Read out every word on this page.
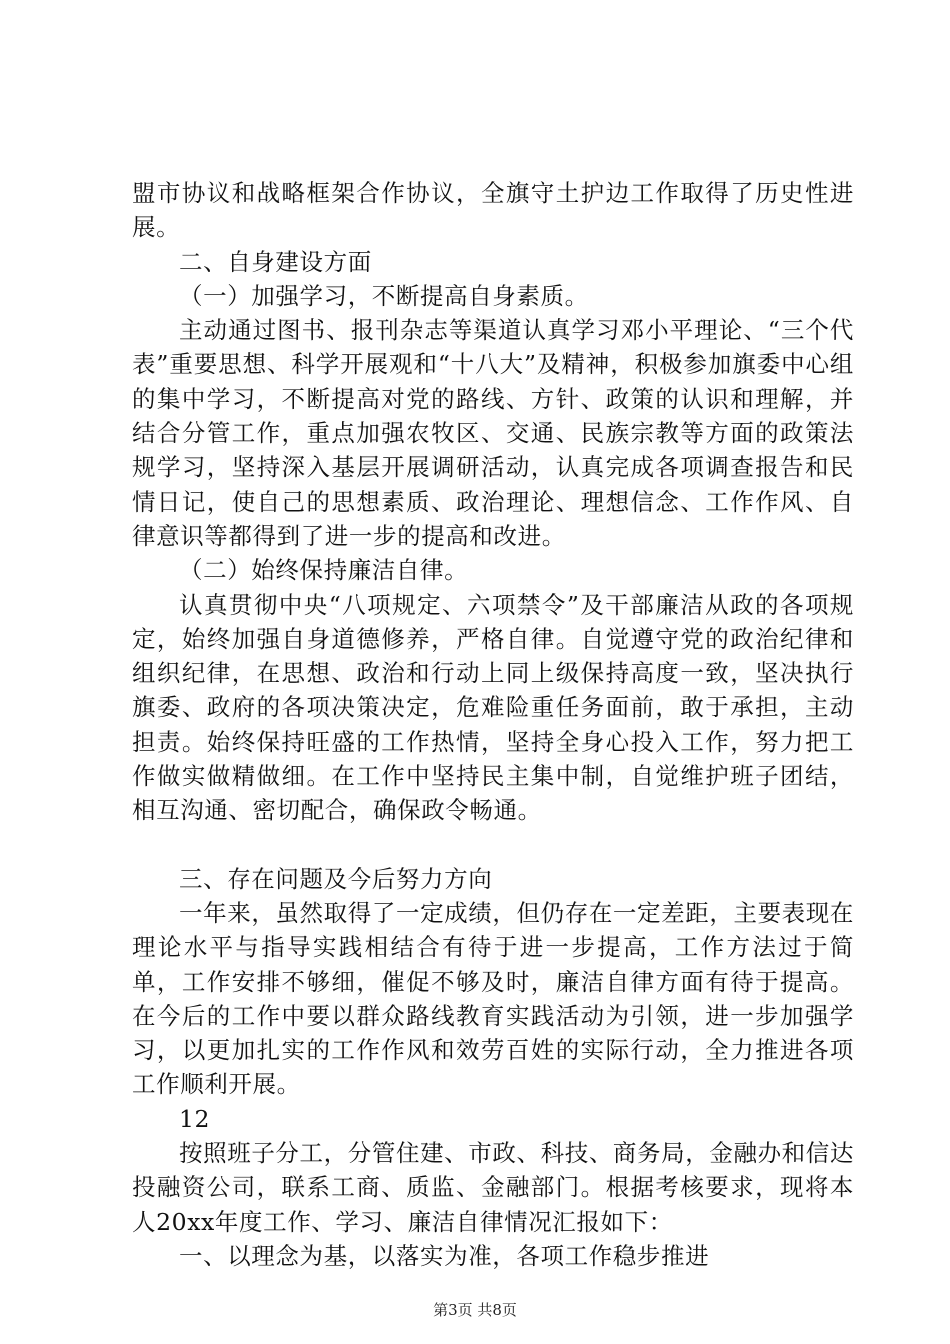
盟市协议和战略框架合作协议，全旗守土护边工作取得了历史性进展。

二、自身建设方面

（一）加强学习，不断提高自身素质。

主动通过图书、报刊杂志等渠道认真学习邓小平理论、“三个代表”重要思想、科学开展观和“十八大”及精神，积极参加旗委中心组的集中学习，不断提高对党的路线、方针、政策的认识和理解，并结合分管工作，重点加强农牧区、交通、民族宗教等方面的政策法规学习，坚持深入基层开展调研活动，认真完成各项调查报告和民情日记，使自己的思想素质、政治理论、理想信念、工作作风、自律意识等都得到了进一步的提高和改进。

（二）始终保持廉洁自律。

认真贯彻中央“八项规定、六项禁令”及干部廉洁从政的各项规定，始终加强自身道德修养，严格自律。自觉遵守党的政治纪律和组织纪律，在思想、政治和行动上同上级保持高度一致，坚决执行旗委、政府的各项决策决定，危难险重任务面前，敢于承担，主动担责。始终保持旺盛的工作热情，坚持全身心投入工作，努力把工作做实做精做细。在工作中坚持民主集中制，自觉维护班子团结，相互沟通、密切配合，确保政令畅通。

三、存在问题及今后努力方向

一年来，虽然取得了一定成绩，但仍存在一定差距，主要表现在理论水平与指导实践相结合有待于进一步提高，工作方法过于简单，工作安排不够细，催促不够及时，廉洁自律方面有待于提高。在今后的工作中要以群众路线教育实践活动为引领，进一步加强学习，以更加扎实的工作作风和效劳百姓的实际行动，全力推进各项工作顺利开展。

12

按照班子分工，分管住建、市政、科技、商务局，金融办和信达投融资公司，联系工商、质监、金融部门。根据考核要求，现将本人20xx年度工作、学习、廉洁自律情况汇报如下：

一、以理念为基，以落实为准，各项工作稳步推进

第3页 共8页
